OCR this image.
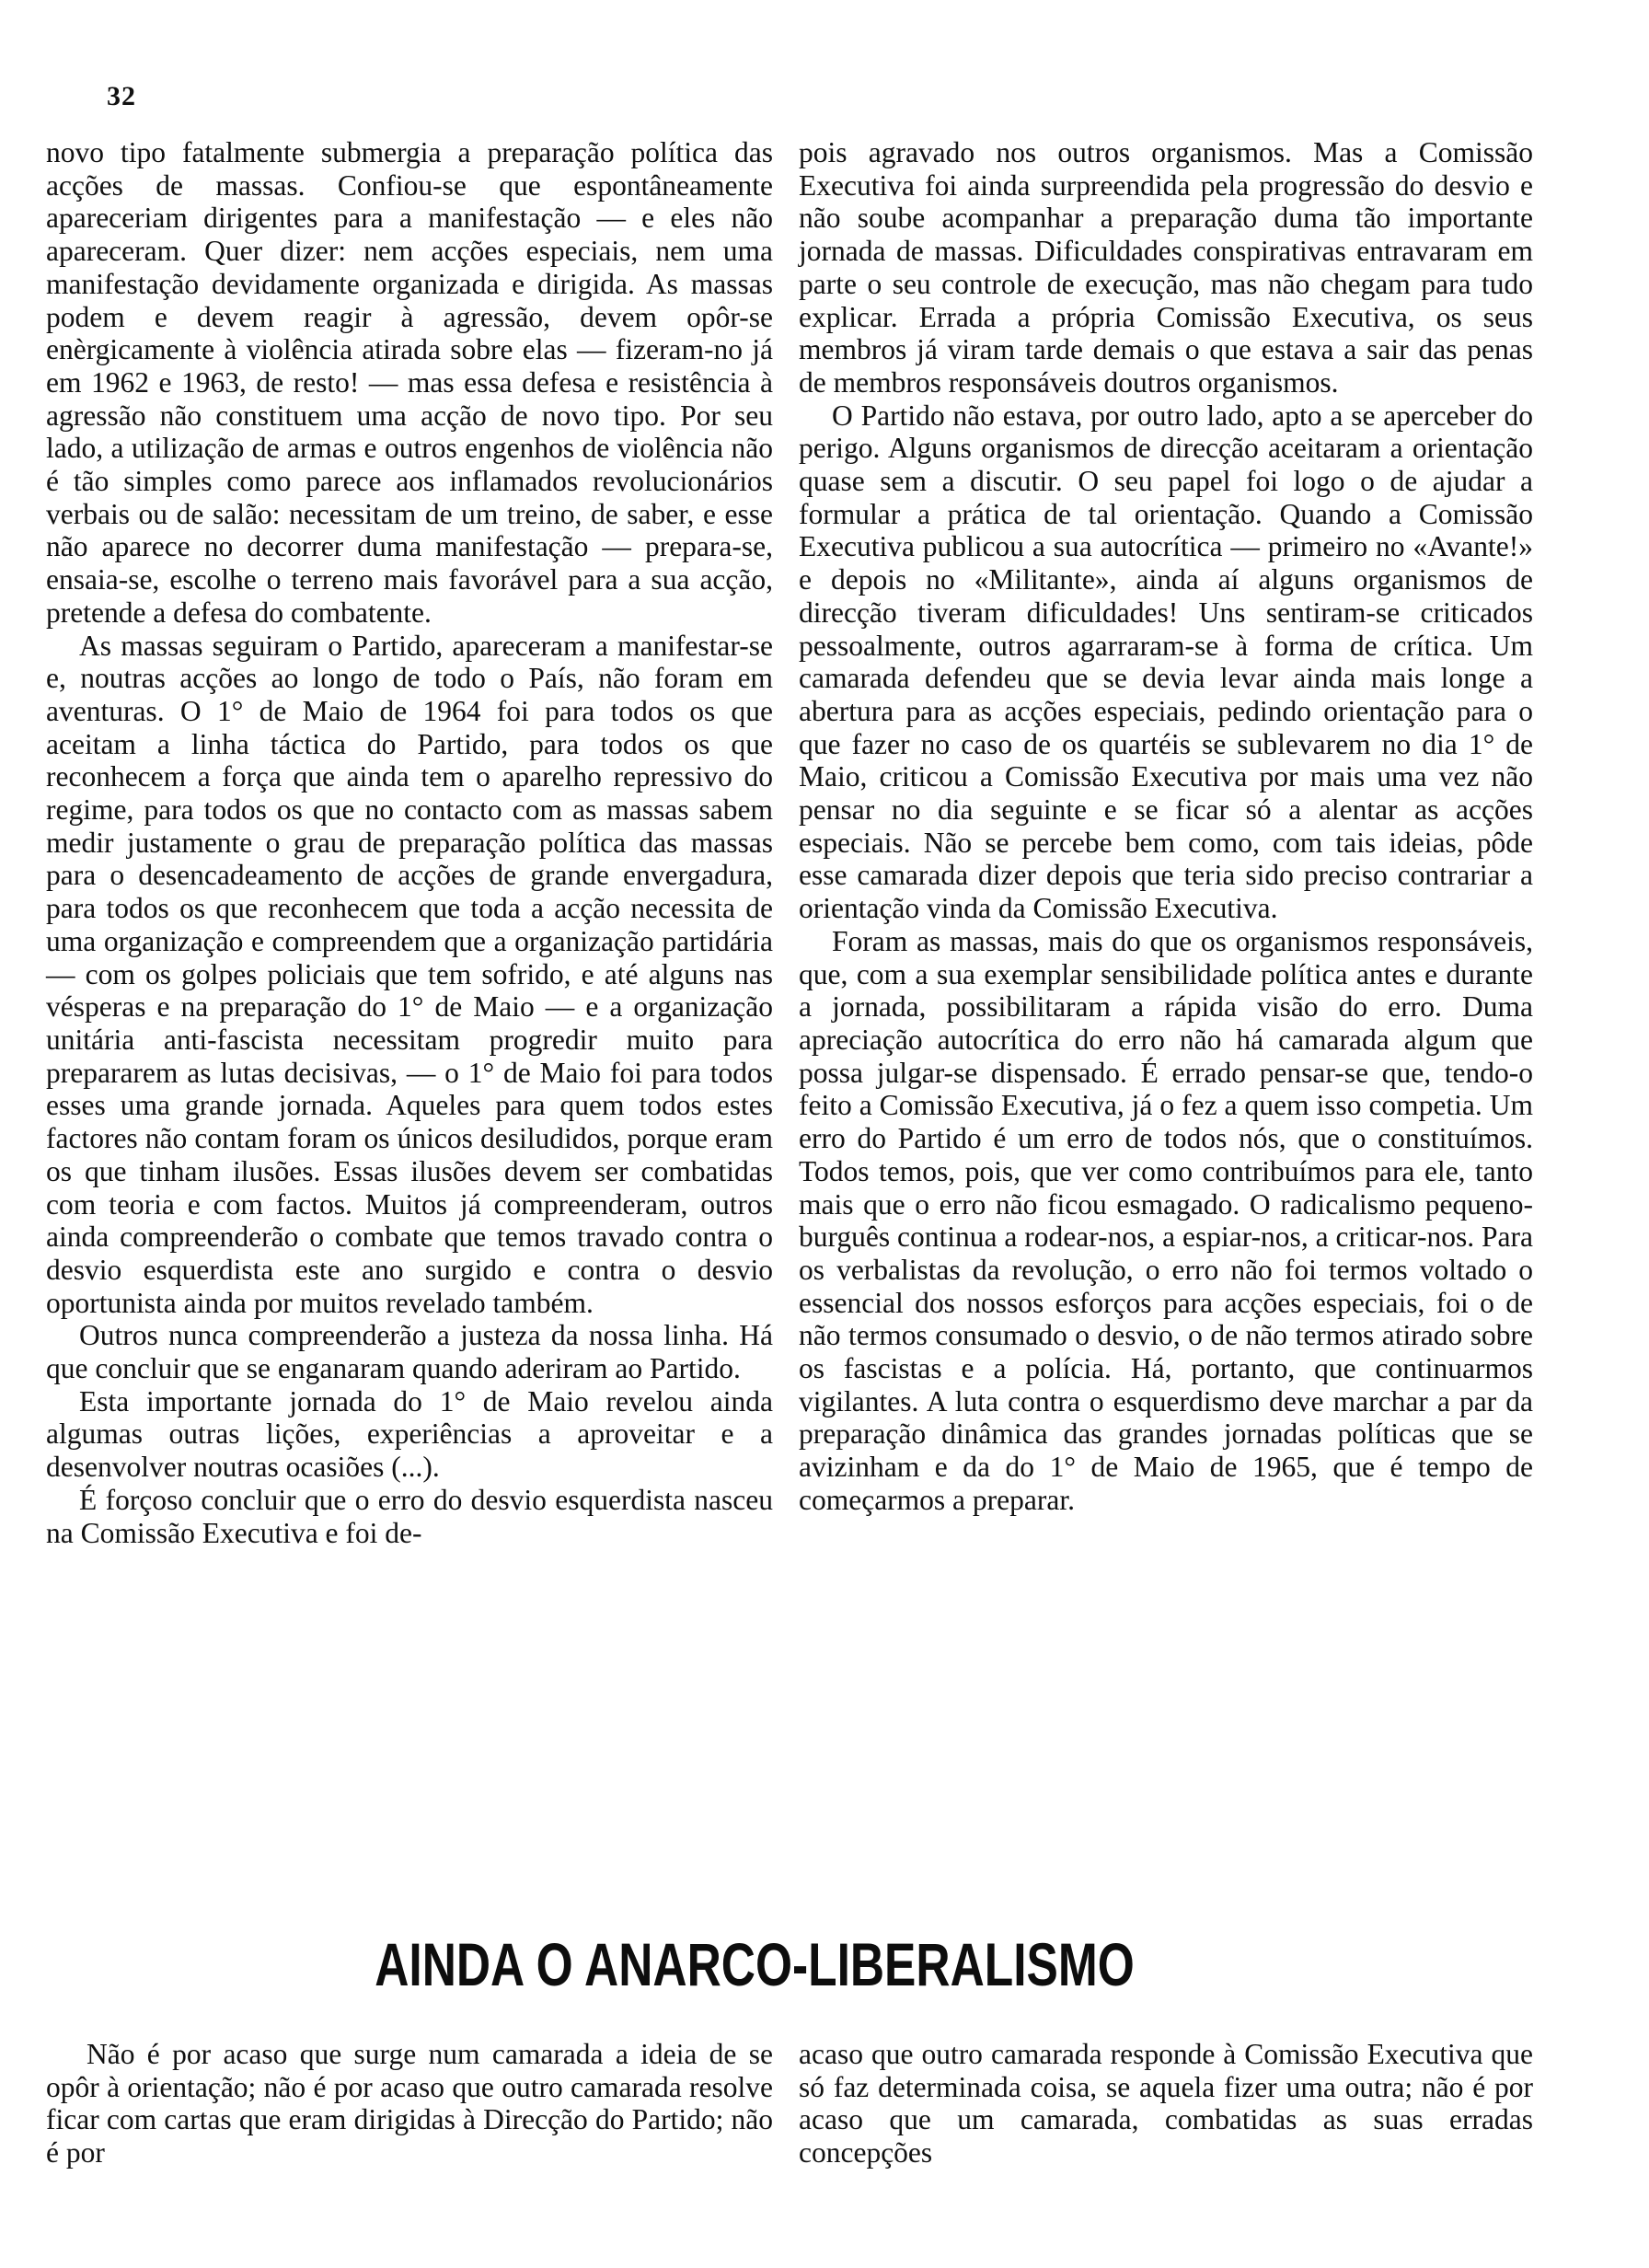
32

novo tipo fatalmente submergia a preparação política das acções de massas. Confiou-se que espontâneamente apareceriam dirigentes para a manifestação — e eles não apareceram. Quer dizer: nem acções especiais, nem uma manifestação devidamente organizada e dirigida. As massas podem e devem reagir à agressão, devem opôr-se enèrgicamente à violência atirada sobre elas — fizeram-no já em 1962 e 1963, de resto! — mas essa defesa e resistência à agressão não constituem uma acção de novo tipo. Por seu lado, a utilização de armas e outros engenhos de violência não é tão simples como parece aos inflamados revolucionários verbais ou de salão: necessitam de um treino, de saber, e esse não aparece no decorrer duma manifestação — prepara-se, ensaia-se, escolhe o terreno mais favorável para a sua acção, pretende a defesa do combatente.

As massas seguiram o Partido, apareceram a manifestar-se e, noutras acções ao longo de todo o País, não foram em aventuras. O 1° de Maio de 1964 foi para todos os que aceitam a linha táctica do Partido, para todos os que reconhecem a força que ainda tem o aparelho repressivo do regime, para todos os que no contacto com as massas sabem medir justamente o grau de preparação política das massas para o desencadeamento de acções de grande envergadura, para todos os que reconhecem que toda a acção necessita de uma organização e compreendem que a organização partidária — com os golpes policiais que tem sofrido, e até alguns nas vésperas e na preparação do 1° de Maio — e a organização unitária anti-fascista necessitam progredir muito para prepararem as lutas decisivas, — o 1° de Maio foi para todos esses uma grande jornada. Aqueles para quem todos estes factores não contam foram os únicos desiludidos, porque eram os que tinham ilusões. Essas ilusões devem ser combatidas com teoria e com factos. Muitos já compreenderam, outros ainda compreenderão o combate que temos travado contra o desvio esquerdista este ano surgido e contra o desvio oportunista ainda por muitos revelado também.

Outros nunca compreenderão a justeza da nossa linha. Há que concluir que se enganaram quando aderiram ao Partido.

Esta importante jornada do 1° de Maio revelou ainda algumas outras lições, experiências a aproveitar e a desenvolver noutras ocasiões (...).

É forçoso concluir que o erro do desvio esquerdista nasceu na Comissão Executiva e foi de-

pois agravado nos outros organismos. Mas a Comissão Executiva foi ainda surpreendida pela progressão do desvio e não soube acompanhar a preparação duma tão importante jornada de massas. Dificuldades conspirativas entravaram em parte o seu controle de execução, mas não chegam para tudo explicar. Errada a própria Comissão Executiva, os seus membros já viram tarde demais o que estava a sair das penas de membros responsáveis doutros organismos.

O Partido não estava, por outro lado, apto a se aperceber do perigo. Alguns organismos de direcção aceitaram a orientação quase sem a discutir. O seu papel foi logo o de ajudar a formular a prática de tal orientação. Quando a Comissão Executiva publicou a sua autocrítica — primeiro no «Avante!» e depois no «Militante», ainda aí alguns organismos de direcção tiveram dificuldades! Uns sentiram-se criticados pessoalmente, outros agarraram-se à forma de crítica. Um camarada defendeu que se devia levar ainda mais longe a abertura para as acções especiais, pedindo orientação para o que fazer no caso de os quartéis se sublevarem no dia 1° de Maio, criticou a Comissão Executiva por mais uma vez não pensar no dia seguinte e se ficar só a alentar as acções especiais. Não se percebe bem como, com tais ideias, pôde esse camarada dizer depois que teria sido preciso contrariar a orientação vinda da Comissão Executiva.

Foram as massas, mais do que os organismos responsáveis, que, com a sua exemplar sensibilidade política antes e durante a jornada, possibilitaram a rápida visão do erro. Duma apreciação autocrítica do erro não há camarada algum que possa julgar-se dispensado. É errado pensar-se que, tendo-o feito a Comissão Executiva, já o fez a quem isso competia. Um erro do Partido é um erro de todos nós, que o constituímos. Todos temos, pois, que ver como contribuímos para ele, tanto mais que o erro não ficou esmagado. O radicalismo pequeno-burguês continua a rodear-nos, a espiar-nos, a criticar-nos. Para os verbalistas da revolução, o erro não foi termos voltado o essencial dos nossos esforços para acções especiais, foi o de não termos consumado o desvio, o de não termos atirado sobre os fascistas e a polícia. Há, portanto, que continuarmos vigilantes. A luta contra o esquerdismo deve marchar a par da preparação dinâmica das grandes jornadas políticas que se avizinham e da do 1° de Maio de 1965, que é tempo de começarmos a preparar.

AINDA O ANARCO-LIBERALISMO

Não é por acaso que surge num camarada a ideia de se opôr à orientação; não é por acaso que outro camarada resolve ficar com cartas que eram dirigidas à Direcção do Partido; não é por

acaso que outro camarada responde à Comissão Executiva que só faz determinada coisa, se aquela fizer uma outra; não é por acaso que um camarada, combatidas as suas erradas concepções
